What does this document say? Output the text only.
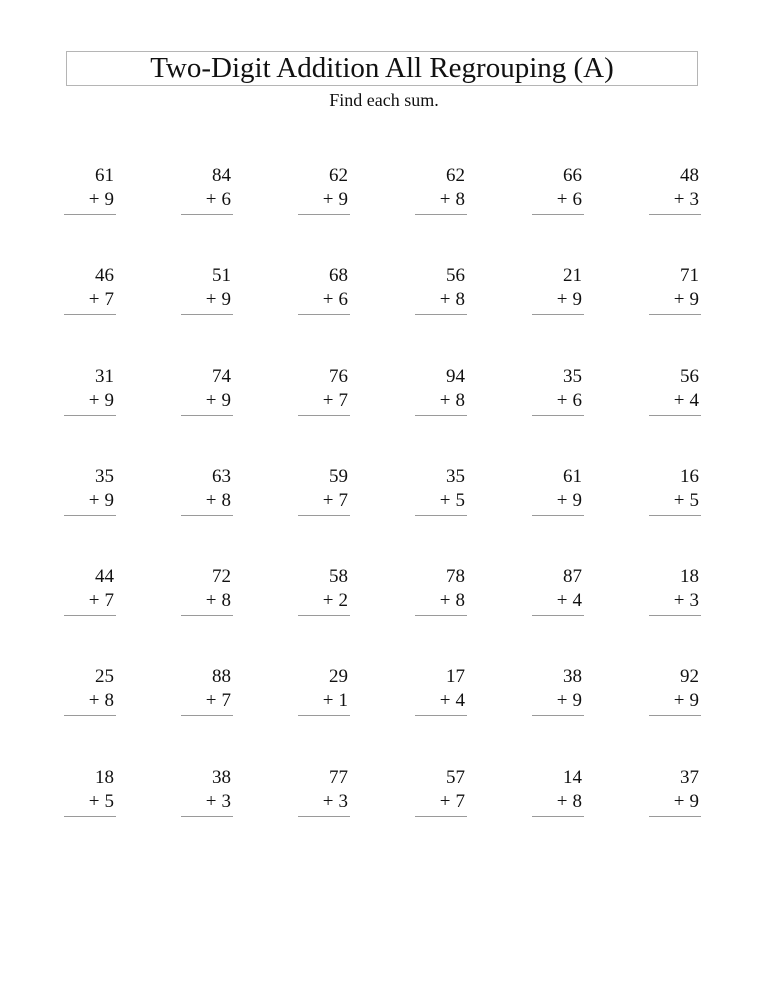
Two-Digit Addition All Regrouping (A)
Find each sum.
61
+ 9
84
+ 6
62
+ 9
62
+ 8
66
+ 6
48
+ 3
46
+ 7
51
+ 9
68
+ 6
56
+ 8
21
+ 9
71
+ 9
31
+ 9
74
+ 9
76
+ 7
94
+ 8
35
+ 6
56
+ 4
35
+ 9
63
+ 8
59
+ 7
35
+ 5
61
+ 9
16
+ 5
44
+ 7
72
+ 8
58
+ 2
78
+ 8
87
+ 4
18
+ 3
25
+ 8
88
+ 7
29
+ 1
17
+ 4
38
+ 9
92
+ 9
18
+ 5
38
+ 3
77
+ 3
57
+ 7
14
+ 8
37
+ 9
